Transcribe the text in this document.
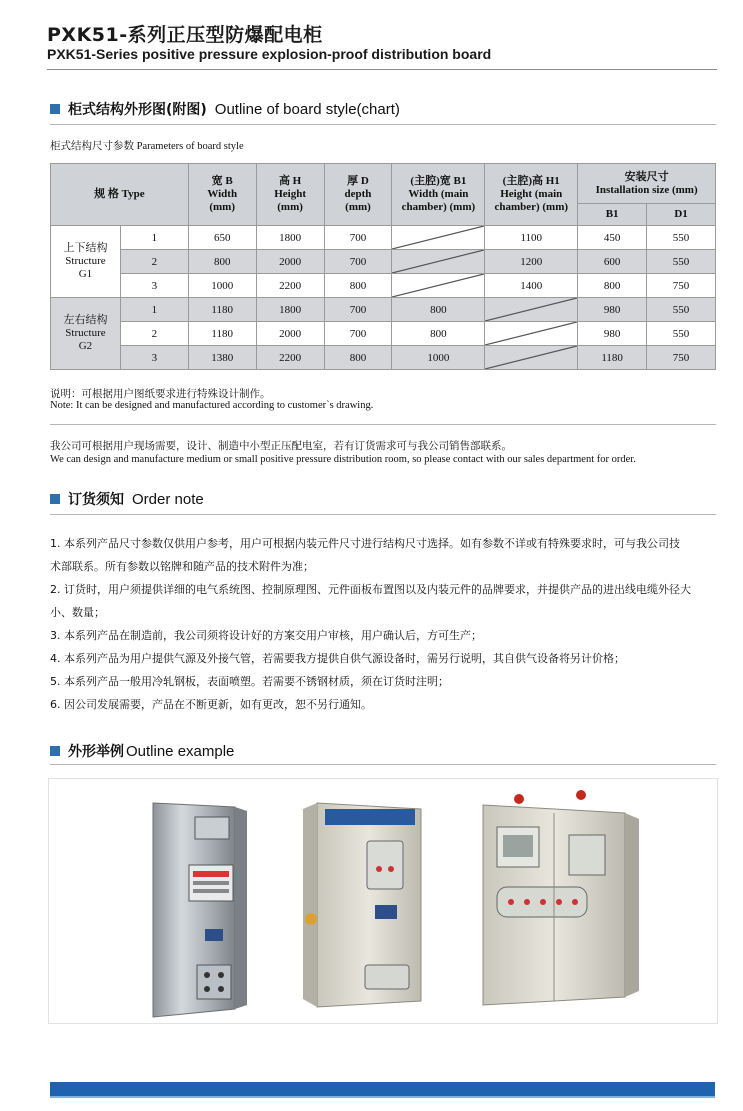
PXK51-系列正压型防爆配电柜
PXK51-Series positive pressure explosion-proof distribution board
柜式结构外形图(附图) Outline of board style(chart)
柜式结构尺寸参数 Parameters of board style
规 格 Type		宽 B
Width
(mm)	高 H
Height
(mm)	厚 D
depth
(mm)	(主腔)宽 B1
Width (main
chamber) (mm)	(主腔)高 H1
Height (main
chamber) (mm)	安装尺寸
Installation size (mm)	
							B1	D1
上下结构
Structure
G1	1	650	1800	700		1100	450	550
	2	800	2000	700		1200	600	550
	3	1000	2200	800		1400	800	750
左右结构
Structure
G2	1	1180	1800	700	800		980	550
	2	1180	2000	700	800		980	550
	3	1380	2200	800	1000		1180	750
说明：可根据用户图纸要求进行特殊设计制作。
Note: It can be designed and manufactured according to customer`s drawing.
我公司可根据用户现场需要，设计、制造中小型正压配电室，若有订货需求可与我公司销售部联系。
We can design and manufacture medium or small positive pressure distribution room, so please contact with our sales department for order.
订货须知 Order note

1. 本系列产品尺寸参数仅供用户参考，用户可根据内装元件尺寸进行结构尺寸选择。如有参数不详或有特殊要求时，可与我公司技

术部联系。所有参数以铭牌和随产品的技术附件为准；

2. 订货时，用户须提供详细的电气系统图、控制原理图、元件面板布置图以及内装元件的品牌要求，并提供产品的进出线电缆外径大

小、数量；

3. 本系列产品在制造前，我公司须将设计好的方案交用户审核，用户确认后，方可生产；

4. 本系列产品为用户提供气源及外接气管，若需要我方提供自供气源设备时，需另行说明，其自供气设备将另计价格；

5. 本系列产品一般用冷轧钢板，表面喷塑。若需要不锈钢材质，须在订货时注明；

6. 因公司发展需要，产品在不断更新，如有更改，恕不另行通知。

外形举例 Outline example
